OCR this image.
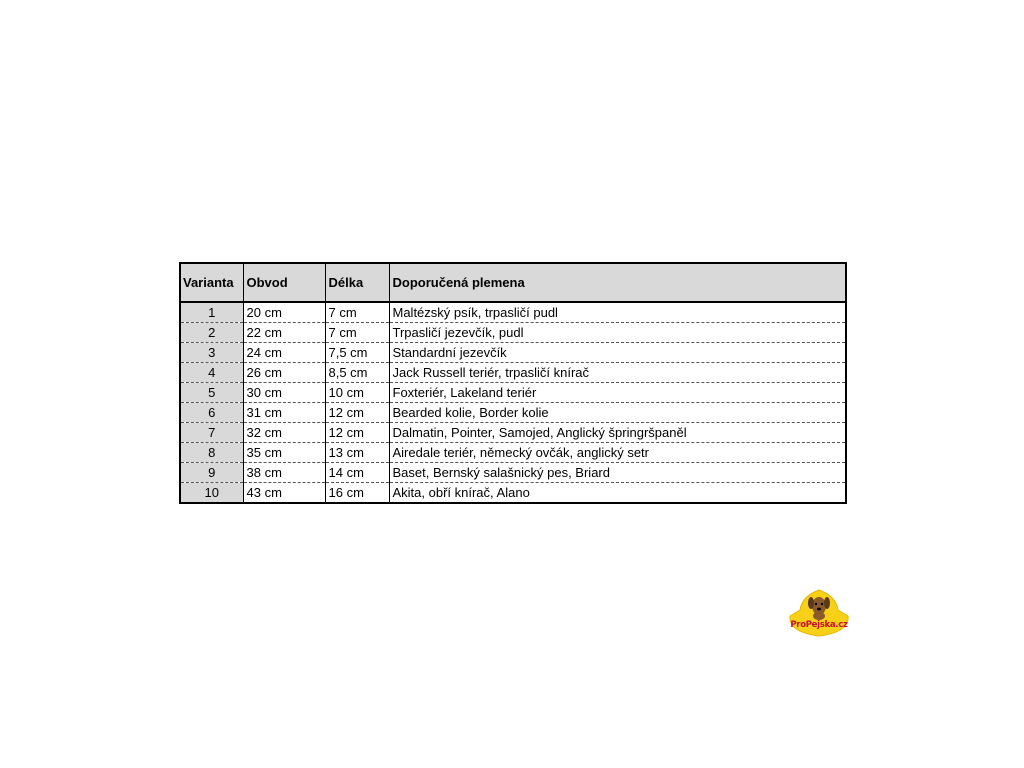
Varianta	Obvod	Délka	Doporučená plemena
1	20 cm	7 cm	Maltézský psík, trpasličí pudl
2	22 cm	7 cm	Trpasličí jezevčík, pudl
3	24 cm	7,5 cm	Standardní jezevčík
4	26 cm	8,5 cm	Jack Russell teriér, trpasličí knírač
5	30 cm	10 cm	Foxteriér, Lakeland teriér
6	31 cm	12 cm	Bearded kolie, Border kolie
7	32 cm	12 cm	Dalmatin, Pointer, Samojed, Anglický špringršpaněl
8	35 cm	13 cm	Airedale teriér, německý ovčák, anglický setr
9	38 cm	14 cm	Baset, Bernský salašnický pes, Briard
10	43 cm	16 cm	Akita, obří knírač, Alano
ProPejska.cz
